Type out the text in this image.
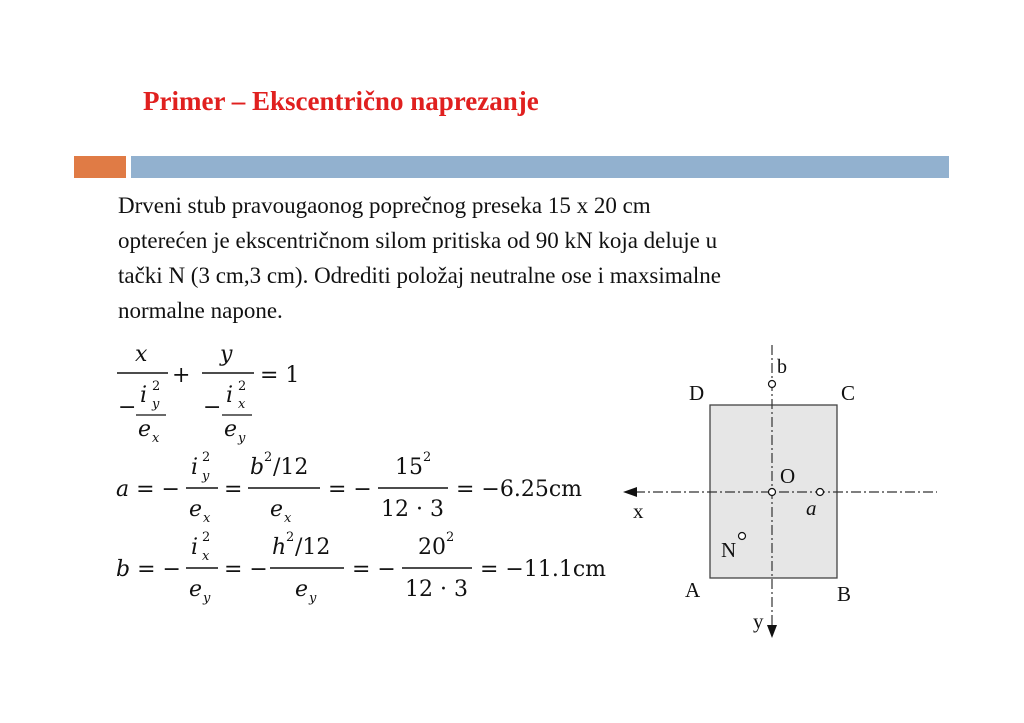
Primer – Ekscentrično naprezanje
Drveni stub pravougaonog poprečnog preseka 15 x 20 cm
opterećen je ekscentričnom silom pritiska od 90 kN koja deluje u
tački N (3 cm,3 cm). Odrediti položaj neutralne ose i maxsimalne
normalne napone.
x
− i 2
y
e x
+
y
− i 2
x
e y
= 1
a = −
i 2
y
e x
=
b 2 /12
e x
= −
15 2
12 · 3
= −6.25cm
b = −
i 2
x
e y
= −
h 2 /12
e y
= −
20 2
12 · 3
= −11.1cm
b
D	C
O
a
x
N
A	B
y
